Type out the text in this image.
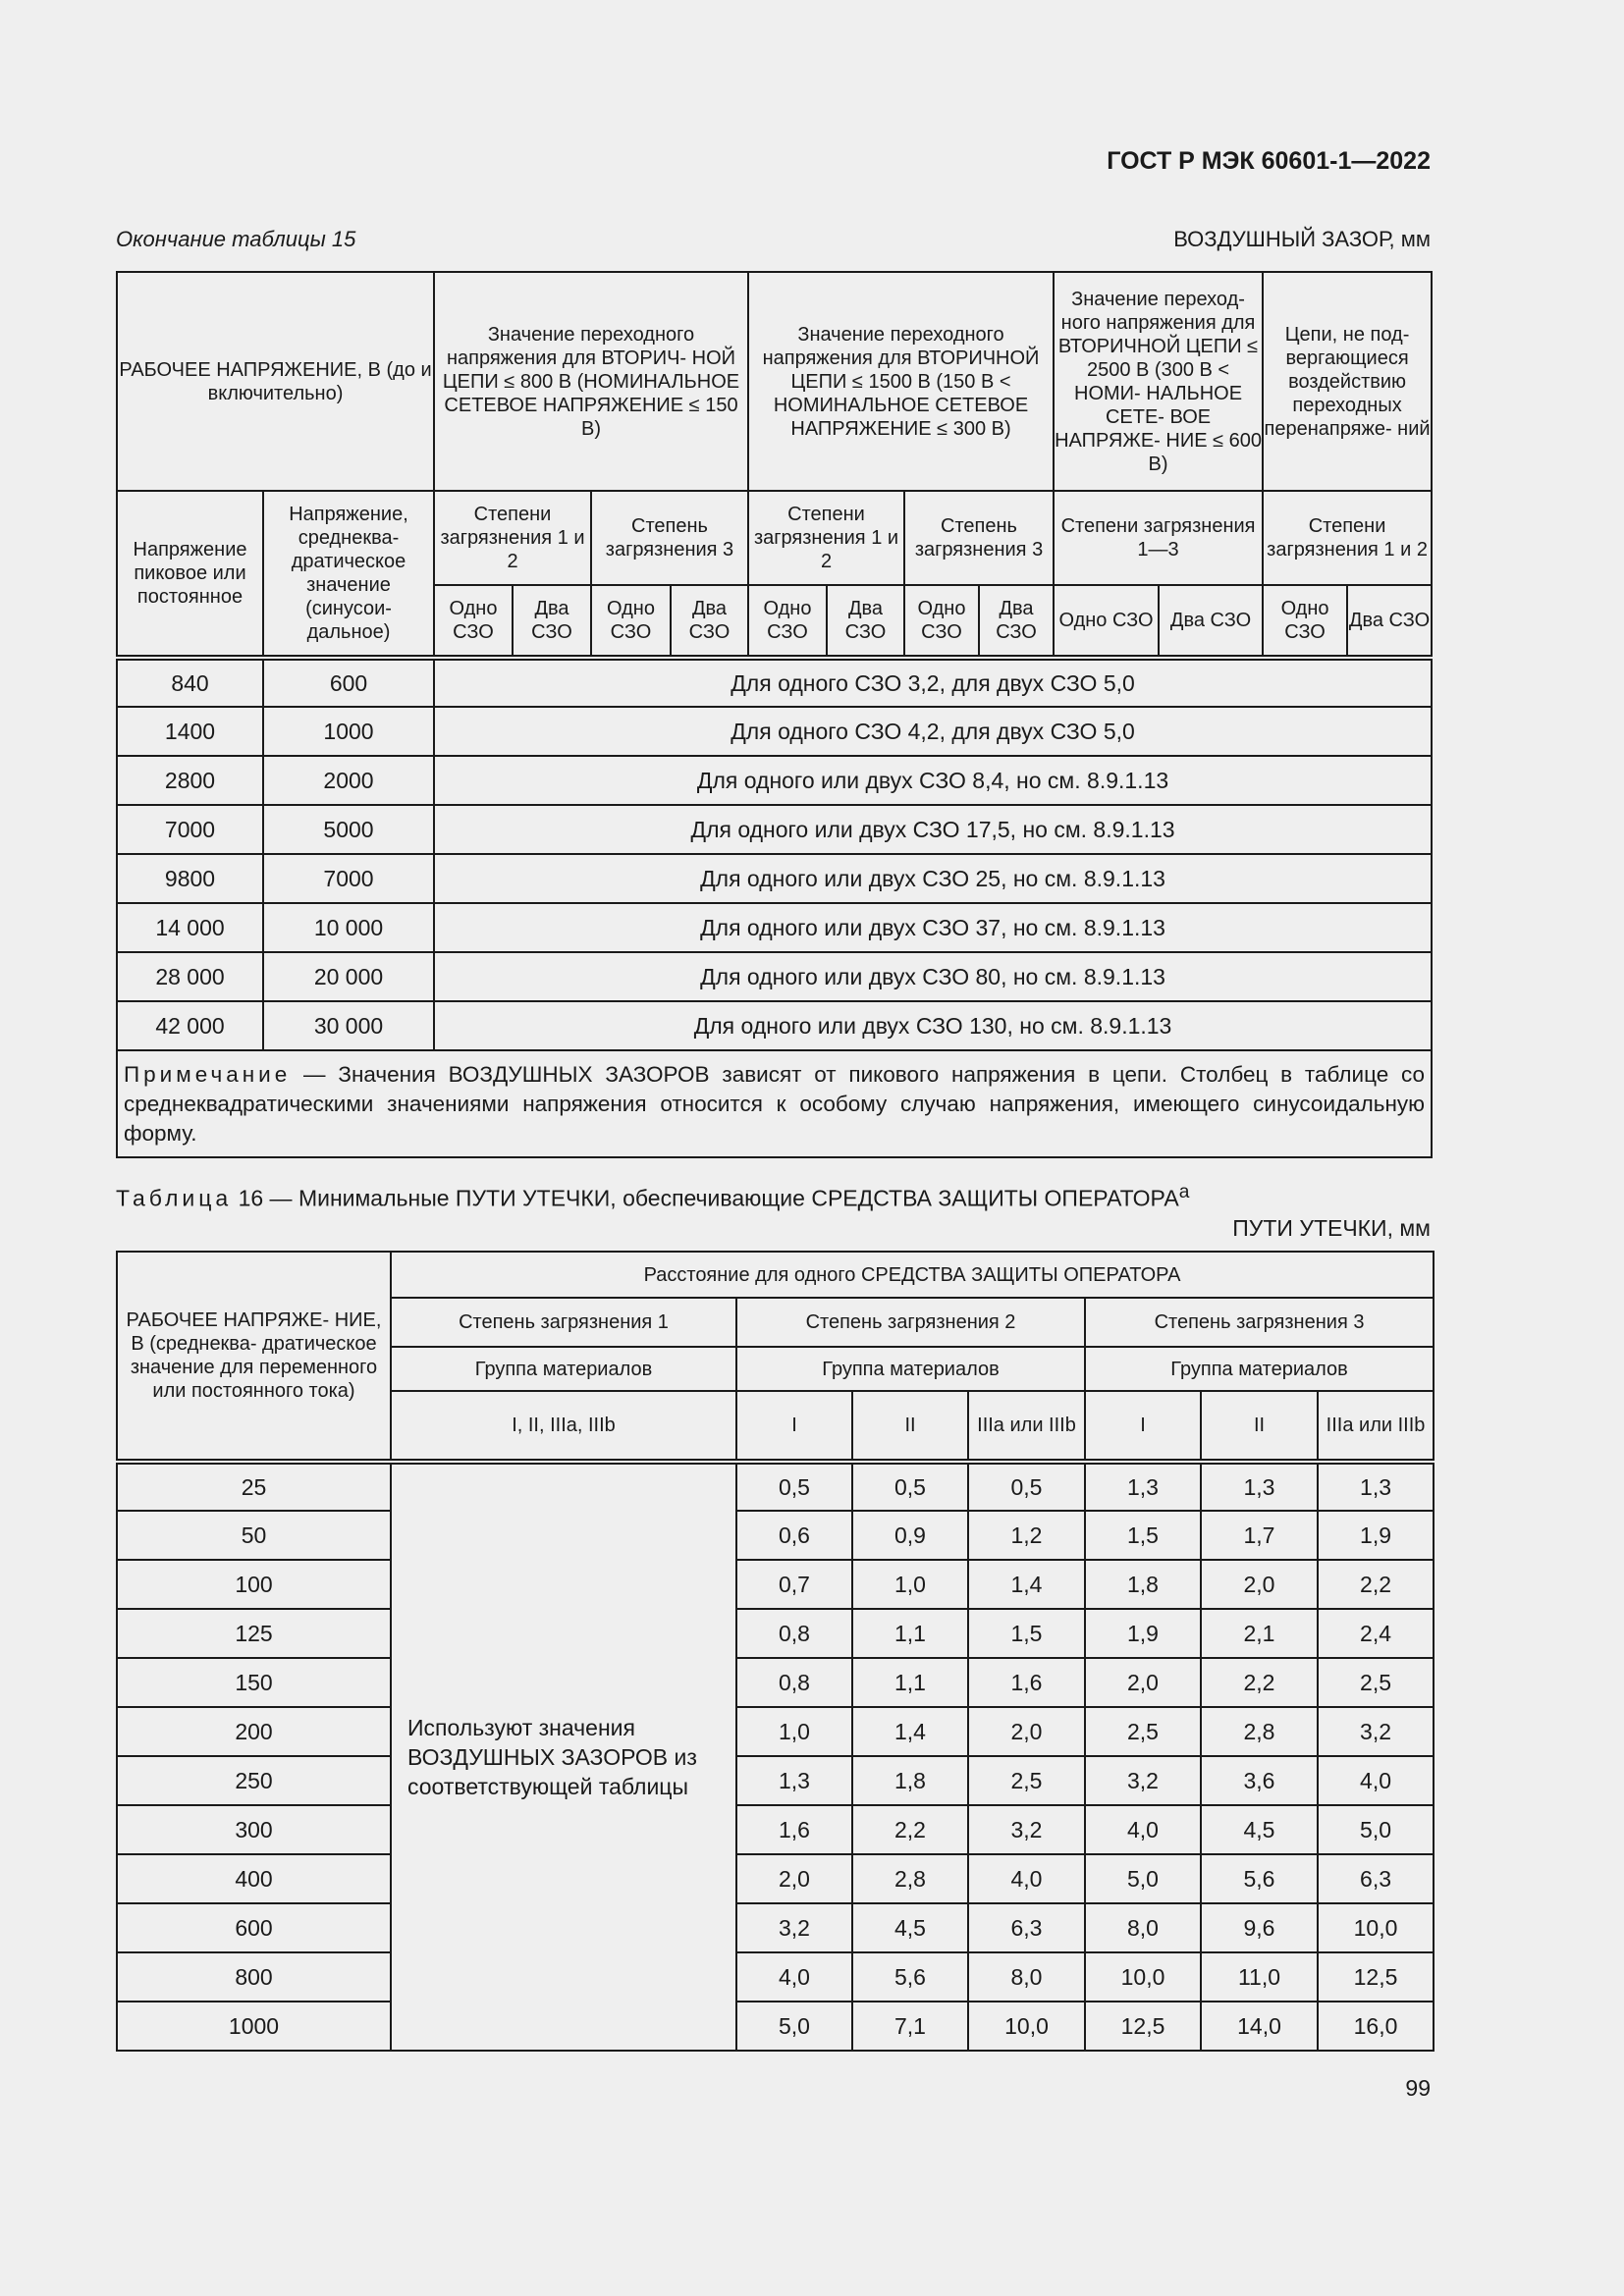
ГОСТ Р МЭК 60601-1—2022
Окончание таблицы 15	ВОЗДУШНЫЙ ЗАЗОР, мм
РАБОЧЕЕ НАПРЯЖЕНИЕ, В (до и включительно)		Значение переходного напряжения для ВТОРИЧ- НОЙ ЦЕПИ ≤ 800 В (НОМИНАЛЬНОЕ СЕТЕВОЕ НАПРЯЖЕНИЕ ≤ 150 В)				Значение переходного напряжения для ВТОРИЧНОЙ ЦЕПИ ≤ 1500 В (150 В < НОМИНАЛЬНОЕ СЕТЕВОЕ НАПРЯЖЕНИЕ ≤ 300 В)				Значение переход- ного напряжения для ВТОРИЧНОЙ ЦЕПИ ≤ 2500 В (300 В < НОМИ- НАЛЬНОЕ СЕТЕ- ВОЕ НАПРЯЖЕ- НИЕ ≤ 600 В)		Цепи, не под- вергающиеся воздействию переходных перенапряже- ний	
Напряжение пиковое или постоянное	Напряжение, среднеква- дратическое значение (синусои- дальное)	Степени загрязнения 1 и 2		Степень загрязнения 3		Степени загрязнения 1 и 2		Степень загрязнения 3		Степени загрязнения 1—3		Степени загрязнения 1 и 2	
		Одно СЗО	Два СЗО	Одно СЗО	Два СЗО	Одно СЗО	Два СЗО	Одно СЗО	Два СЗО	Одно СЗО	Два СЗО	Одно СЗО	Два СЗО
840	600	Для одного СЗО 3,2, для двух СЗО 5,0											
1400	1000	Для одного СЗО 4,2, для двух СЗО 5,0											
2800	2000	Для одного или двух СЗО 8,4, но см. 8.9.1.13											
7000	5000	Для одного или двух СЗО 17,5, но см. 8.9.1.13											
9800	7000	Для одного или двух СЗО 25, но см. 8.9.1.13											
14 000	10 000	Для одного или двух СЗО 37, но см. 8.9.1.13											
28 000	20 000	Для одного или двух СЗО 80, но см. 8.9.1.13											
42 000	30 000	Для одного или двух СЗО 130, но см. 8.9.1.13											
Примечание — Значения ВОЗДУШНЫХ ЗАЗОРОВ зависят от пикового напряжения в цепи. Столбец в таблице со среднеквадратическими значениями напряжения относится к особому случаю напряжения, имеющего синусоидальную форму.													
Таблица 16 — Минимальные ПУТИ УТЕЧКИ, обеспечивающие СРЕДСТВА ЗАЩИТЫ ОПЕРАТОРА$^a$
ПУТИ УТЕЧКИ, мм
РАБОЧЕЕ НАПРЯЖЕ- НИЕ, В (среднеква- дратическое значение для переменного или постоянного тока)	Расстояние для одного СРЕДСТВА ЗАЩИТЫ ОПЕРАТОРА						
	Степень загрязнения 1	Степень загрязнения 2			Степень загрязнения 3		
	Группа материалов	Группа материалов			Группа материалов		
	I, II, IIIa, IIIb	I	II	IIIa или IIIb	I	II	IIIa или IIIb
25	Используют значения ВОЗДУШНЫХ ЗАЗОРОВ из соответствующей таблицы	0,5	0,5	0,5	1,3	1,3	1,3
50		0,6	0,9	1,2	1,5	1,7	1,9
100		0,7	1,0	1,4	1,8	2,0	2,2
125		0,8	1,1	1,5	1,9	2,1	2,4
150		0,8	1,1	1,6	2,0	2,2	2,5
200		1,0	1,4	2,0	2,5	2,8	3,2
250		1,3	1,8	2,5	3,2	3,6	4,0
300		1,6	2,2	3,2	4,0	4,5	5,0
400		2,0	2,8	4,0	5,0	5,6	6,3
600		3,2	4,5	6,3	8,0	9,6	10,0
800		4,0	5,6	8,0	10,0	11,0	12,5
1000		5,0	7,1	10,0	12,5	14,0	16,0
99
